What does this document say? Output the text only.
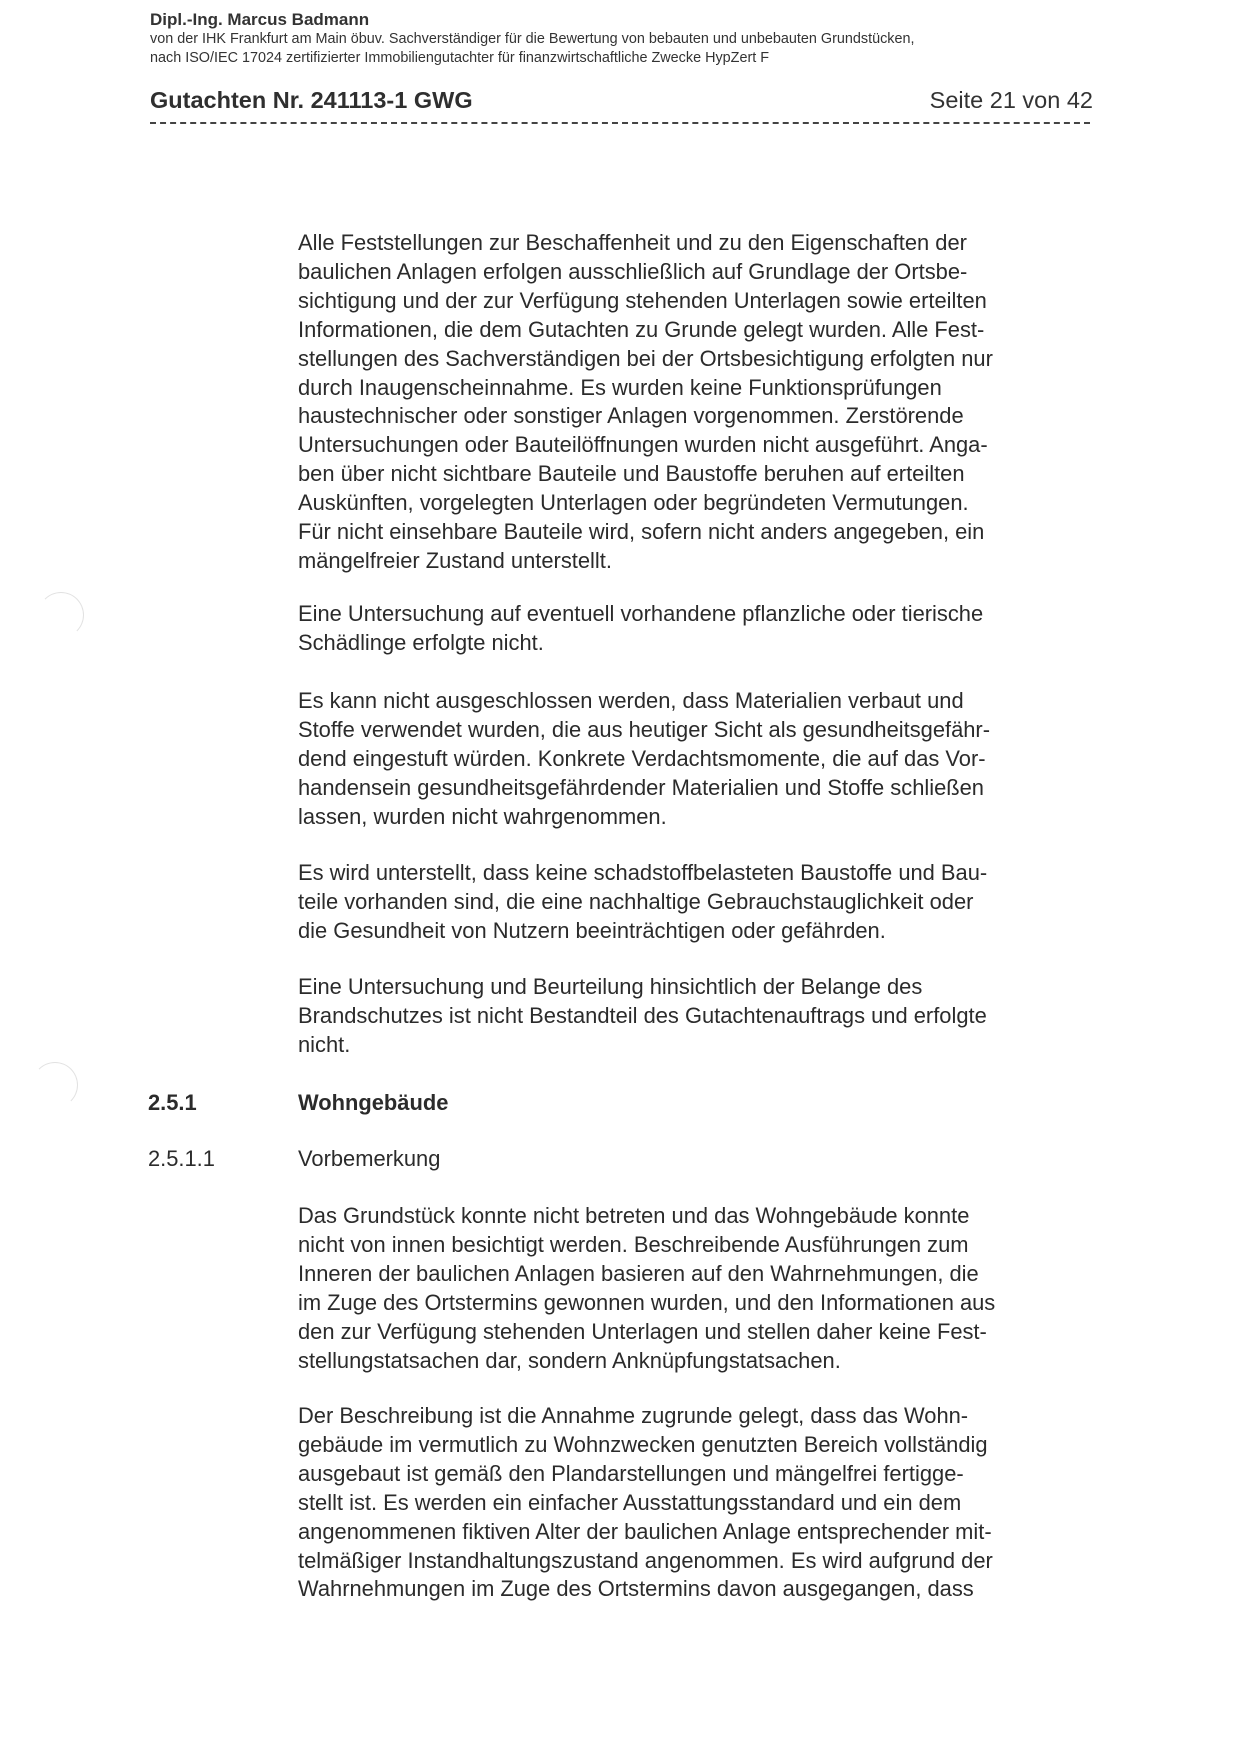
Dipl.-Ing. Marcus Badmann
von der IHK Frankfurt am Main öbuv. Sachverständiger für die Bewertung von bebauten und unbebauten Grundstücken,
nach ISO/IEC 17024 zertifizierter Immobiliengutachter für finanzwirtschaftliche Zwecke HypZert F
Gutachten Nr. 241113-1 GWG	Seite 21 von 42

Alle Feststellungen zur Beschaffenheit und zu den Eigenschaften der
baulichen Anlagen erfolgen ausschließlich auf Grundlage der Ortsbe-
sichtigung und der zur Verfügung stehenden Unterlagen sowie erteilten
Informationen, die dem Gutachten zu Grunde gelegt wurden. Alle Fest-
stellungen des Sachverständigen bei der Ortsbesichtigung erfolgten nur
durch Inaugenscheinnahme. Es wurden keine Funktionsprüfungen
haustechnischer oder sonstiger Anlagen vorgenommen. Zerstörende
Untersuchungen oder Bauteilöffnungen wurden nicht ausgeführt. Anga-
ben über nicht sichtbare Bauteile und Baustoffe beruhen auf erteilten
Auskünften, vorgelegten Unterlagen oder begründeten Vermutungen.
Für nicht einsehbare Bauteile wird, sofern nicht anders angegeben, ein
mängelfreier Zustand unterstellt.

Eine Untersuchung auf eventuell vorhandene pflanzliche oder tierische
Schädlinge erfolgte nicht.

Es kann nicht ausgeschlossen werden, dass Materialien verbaut und
Stoffe verwendet wurden, die aus heutiger Sicht als gesundheitsgefähr-
dend eingestuft würden. Konkrete Verdachtsmomente, die auf das Vor-
handensein gesundheitsgefährdender Materialien und Stoffe schließen
lassen, wurden nicht wahrgenommen.

Es wird unterstellt, dass keine schadstoffbelasteten Baustoffe und Bau-
teile vorhanden sind, die eine nachhaltige Gebrauchstauglichkeit oder
die Gesundheit von Nutzern beeinträchtigen oder gefährden.

Eine Untersuchung und Beurteilung hinsichtlich der Belange des
Brandschutzes ist nicht Bestandteil des Gutachtenauftrags und erfolgte
nicht.

2.5.1	Wohngebäude
2.5.1.1	Vorbemerkung

Das Grundstück konnte nicht betreten und das Wohngebäude konnte
nicht von innen besichtigt werden. Beschreibende Ausführungen zum
Inneren der baulichen Anlagen basieren auf den Wahrnehmungen, die
im Zuge des Ortstermins gewonnen wurden, und den Informationen aus
den zur Verfügung stehenden Unterlagen und stellen daher keine Fest-
stellungstatsachen dar, sondern Anknüpfungstatsachen.

Der Beschreibung ist die Annahme zugrunde gelegt, dass das Wohn-
gebäude im vermutlich zu Wohnzwecken genutzten Bereich vollständig
ausgebaut ist gemäß den Plandarstellungen und mängelfrei fertigge-
stellt ist. Es werden ein einfacher Ausstattungsstandard und ein dem
angenommenen fiktiven Alter der baulichen Anlage entsprechender mit-
telmäßiger Instandhaltungszustand angenommen. Es wird aufgrund der
Wahrnehmungen im Zuge des Ortstermins davon ausgegangen, dass
